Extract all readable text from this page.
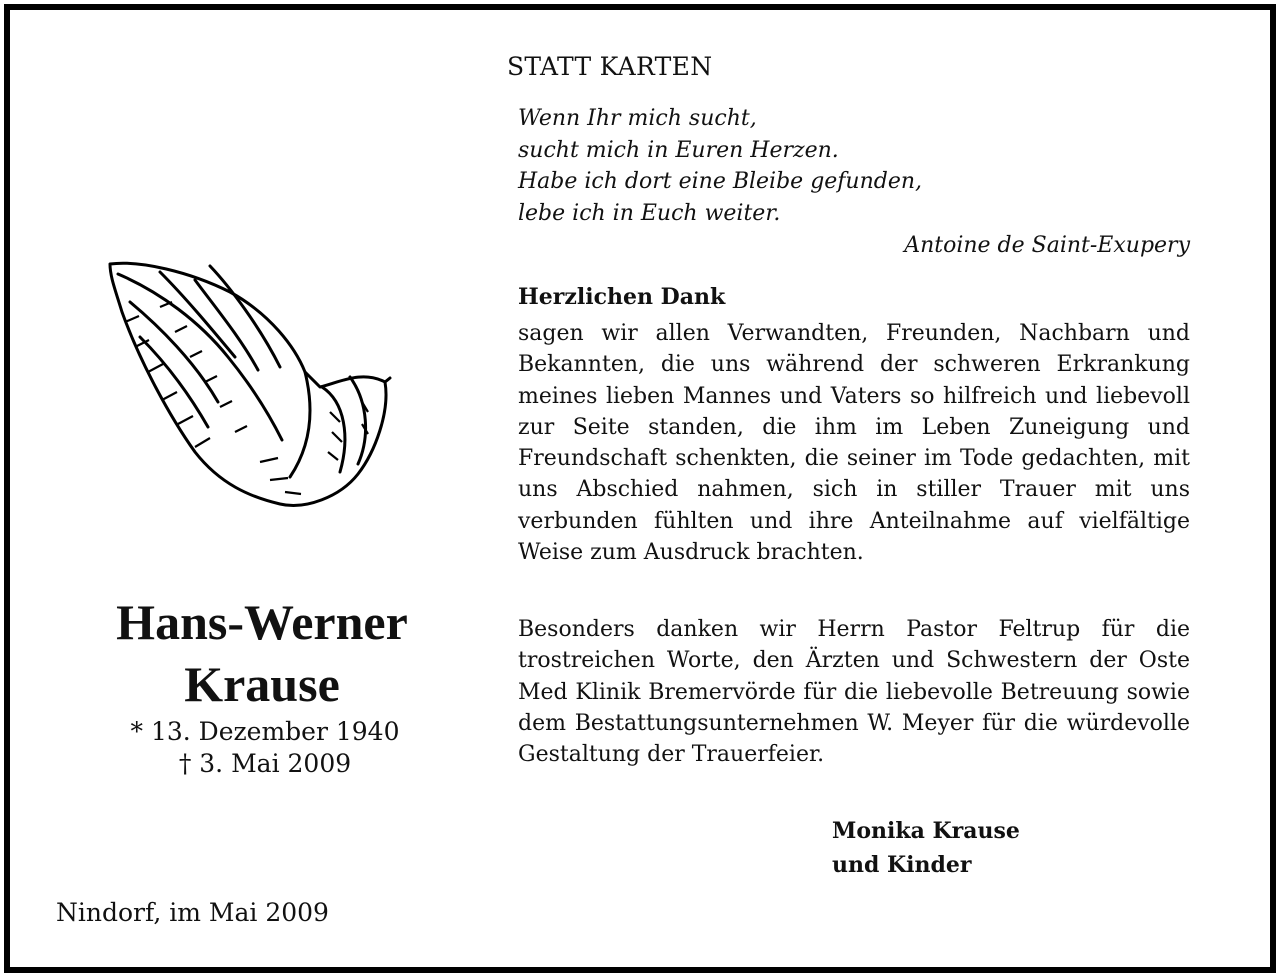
STATT KARTEN
Wenn Ihr mich sucht,
sucht mich in Euren Herzen.
Habe ich dort eine Bleibe gefunden,
lebe ich in Euch weiter.
Antoine de Saint-Exupery
Herzlichen Dank
sagen wir allen Verwandten, Freunden, Nachbarn und Bekannten, die uns während der schweren Erkrankung meines lieben Mannes und Vaters so hilfreich und liebevoll zur Seite standen, die ihm im Leben Zuneigung und Freundschaft schenkten, die seiner im Tode gedachten, mit uns Abschied nahmen, sich in stiller Trauer mit uns verbunden fühlten und ihre Anteilnahme auf vielfältige Weise zum Ausdruck brachten.
Besonders danken wir Herrn Pastor Feltrup für die trostreichen Worte, den Ärzten und Schwestern der Oste Med Klinik Bremervörde für die liebevolle Betreuung sowie dem Bestattungsunternehmen W. Meyer für die würdevolle Gestaltung der Trauerfeier.
Monika Krause
und Kinder
Hans-Werner
Krause
* 13. Dezember 1940
† 3. Mai 2009
Nindorf, im Mai 2009
